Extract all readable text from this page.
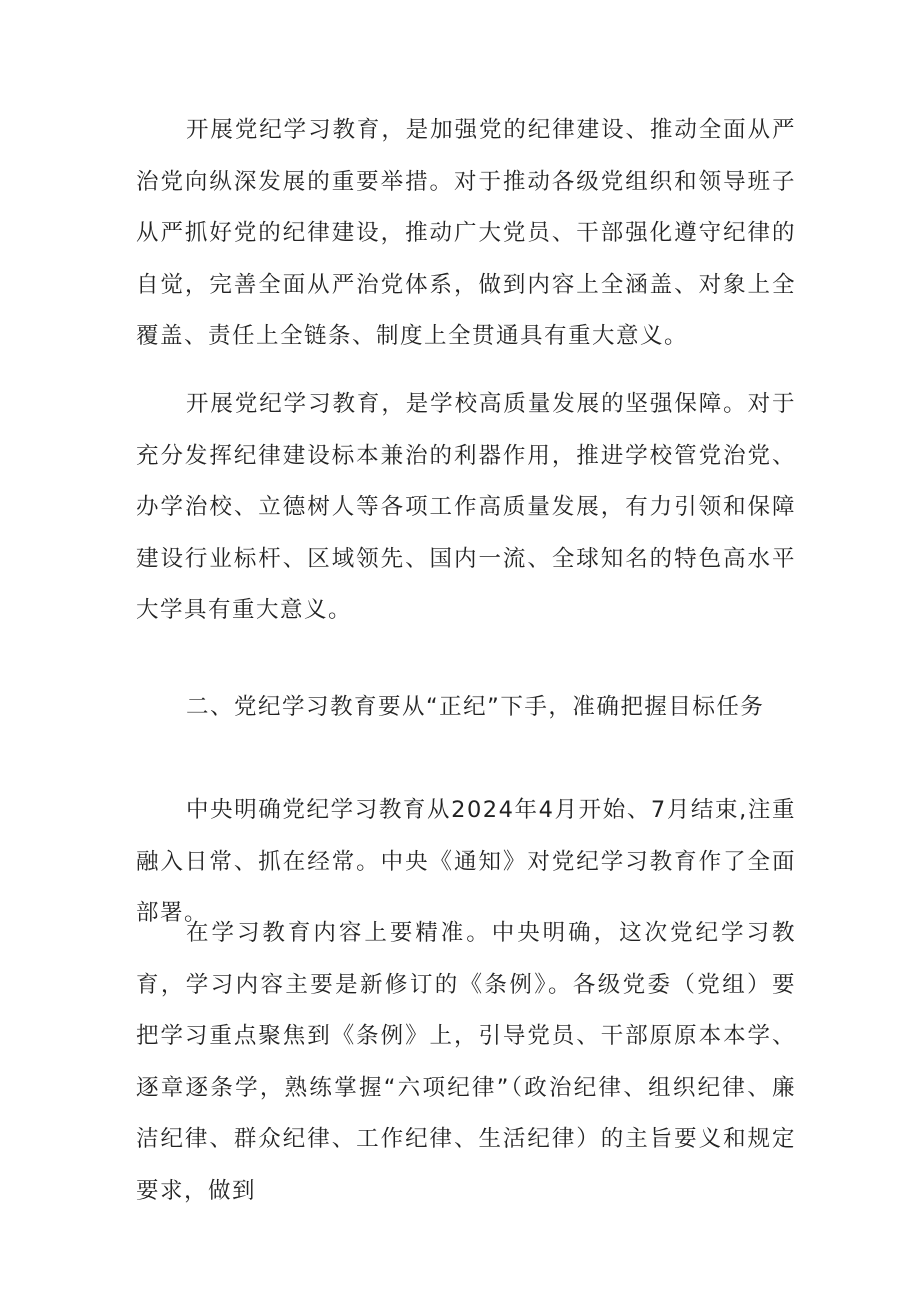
开展党纪学习教育，是加强党的纪律建设、推动全面从严治党向纵深发展的重要举措。对于推动各级党组织和领导班子从严抓好党的纪律建设，推动广大党员、干部强化遵守纪律的自觉，完善全面从严治党体系，做到内容上全涵盖、对象上全覆盖、责任上全链条、制度上全贯通具有重大意义。

开展党纪学习教育，是学校高质量发展的坚强保障。对于充分发挥纪律建设标本兼治的利器作用，推进学校管党治党、办学治校、立德树人等各项工作高质量发展，有力引领和保障建设行业标杆、区域领先、国内一流、全球知名的特色高水平大学具有重大意义。

二、党纪学习教育要从“正纪”下手，准确把握目标任务

中央明确党纪学习教育从2024年4月开始、7月结束,注重融入日常、抓在经常。中央《通知》对党纪学习教育作了全面部署。

在学习教育内容上要精准。中央明确，这次党纪学习教育，学习内容主要是新修订的《条例》。各级党委（党组）要把学习重点聚焦到《条例》上，引导党员、干部原原本本学、逐章逐条学，熟练掌握“六项纪律”（政治纪律、组织纪律、廉洁纪律、群众纪律、工作纪律、生活纪律）的主旨要义和规定要求，做到
